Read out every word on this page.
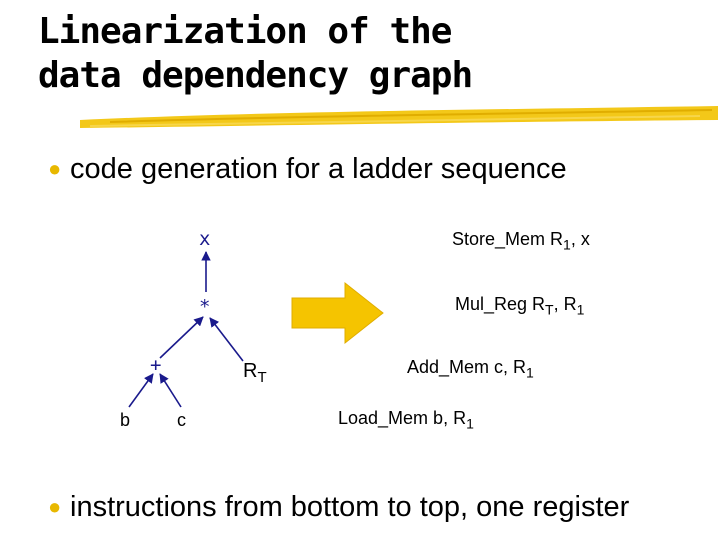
Linearization of the
data dependency graph
● code generation for a ladder sequence
x
*
+
b	c
$R_T$
Store_Mem $R_1$, x
Mul_Reg $R_T$, $R_1$
Add_Mem c, $R_1$
Load_Mem b, $R_1$
● instructions from bottom to top, one register
